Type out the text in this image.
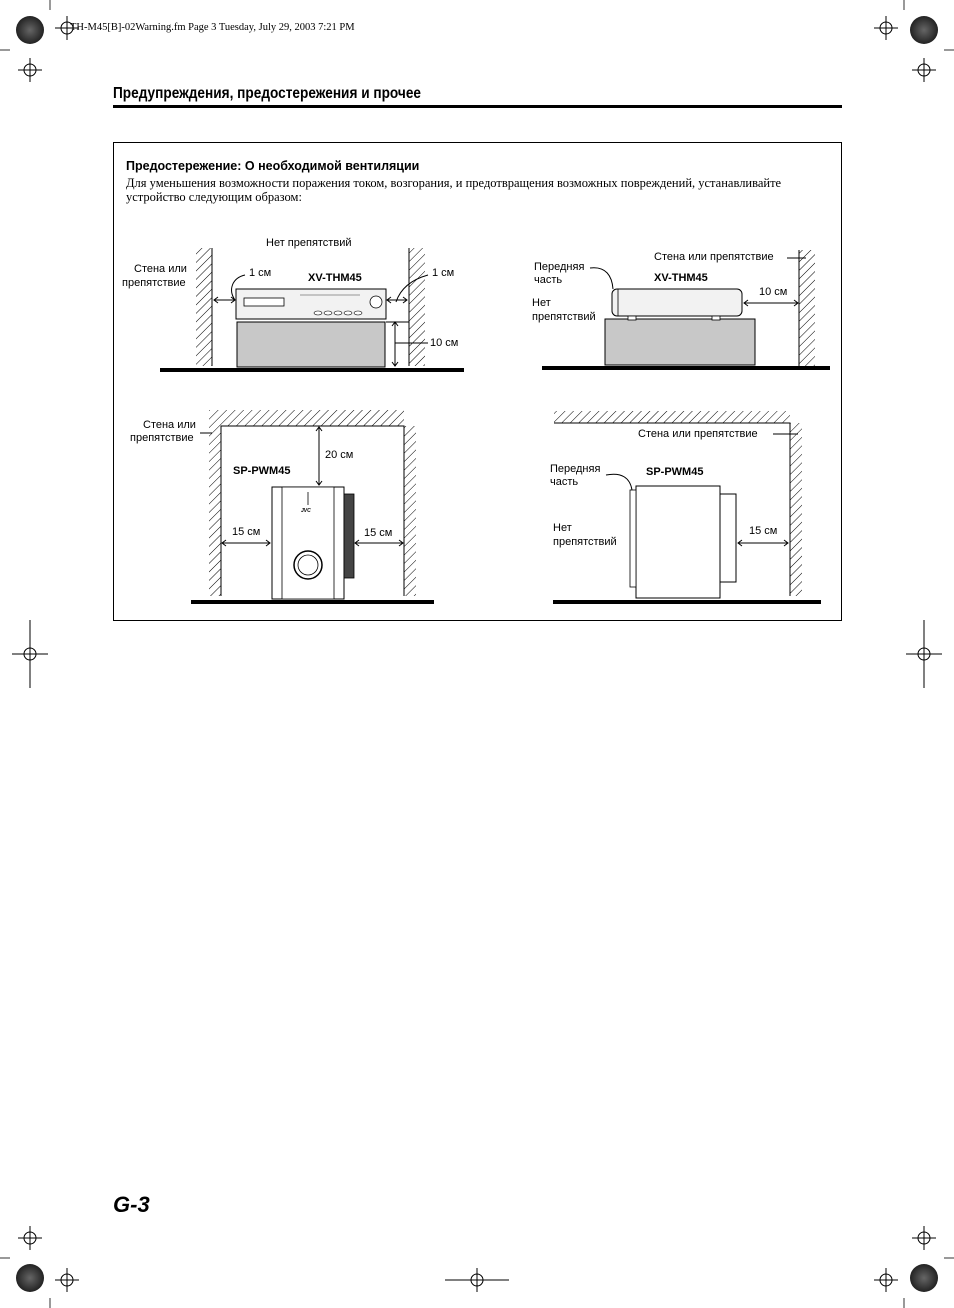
TH-M45[B]-02Warning.fm Page 3 Tuesday, July 29, 2003 7:21 PM
Предупреждения, предостережения и прочее
Предостережение: О необходимой вентиляции
Для уменьшения возможности поражения током, возгорания, и предотвращения возможных повреждений, устанавливайте устройство следующим образом:
Нет препятствий
Стена или
препятствие
1 см	XV-THM45	1 см
10 см
Стена или препятствие
Передняя
часть	XV-THM45
10 см
Нет
препятствий
Стена или
препятствие
20 см
SP-PWM45
15 см	15 см
JVC
Стена или препятствие
Передняя
часть
SP-PWM45
Нет
препятствий
15 см
G-3
